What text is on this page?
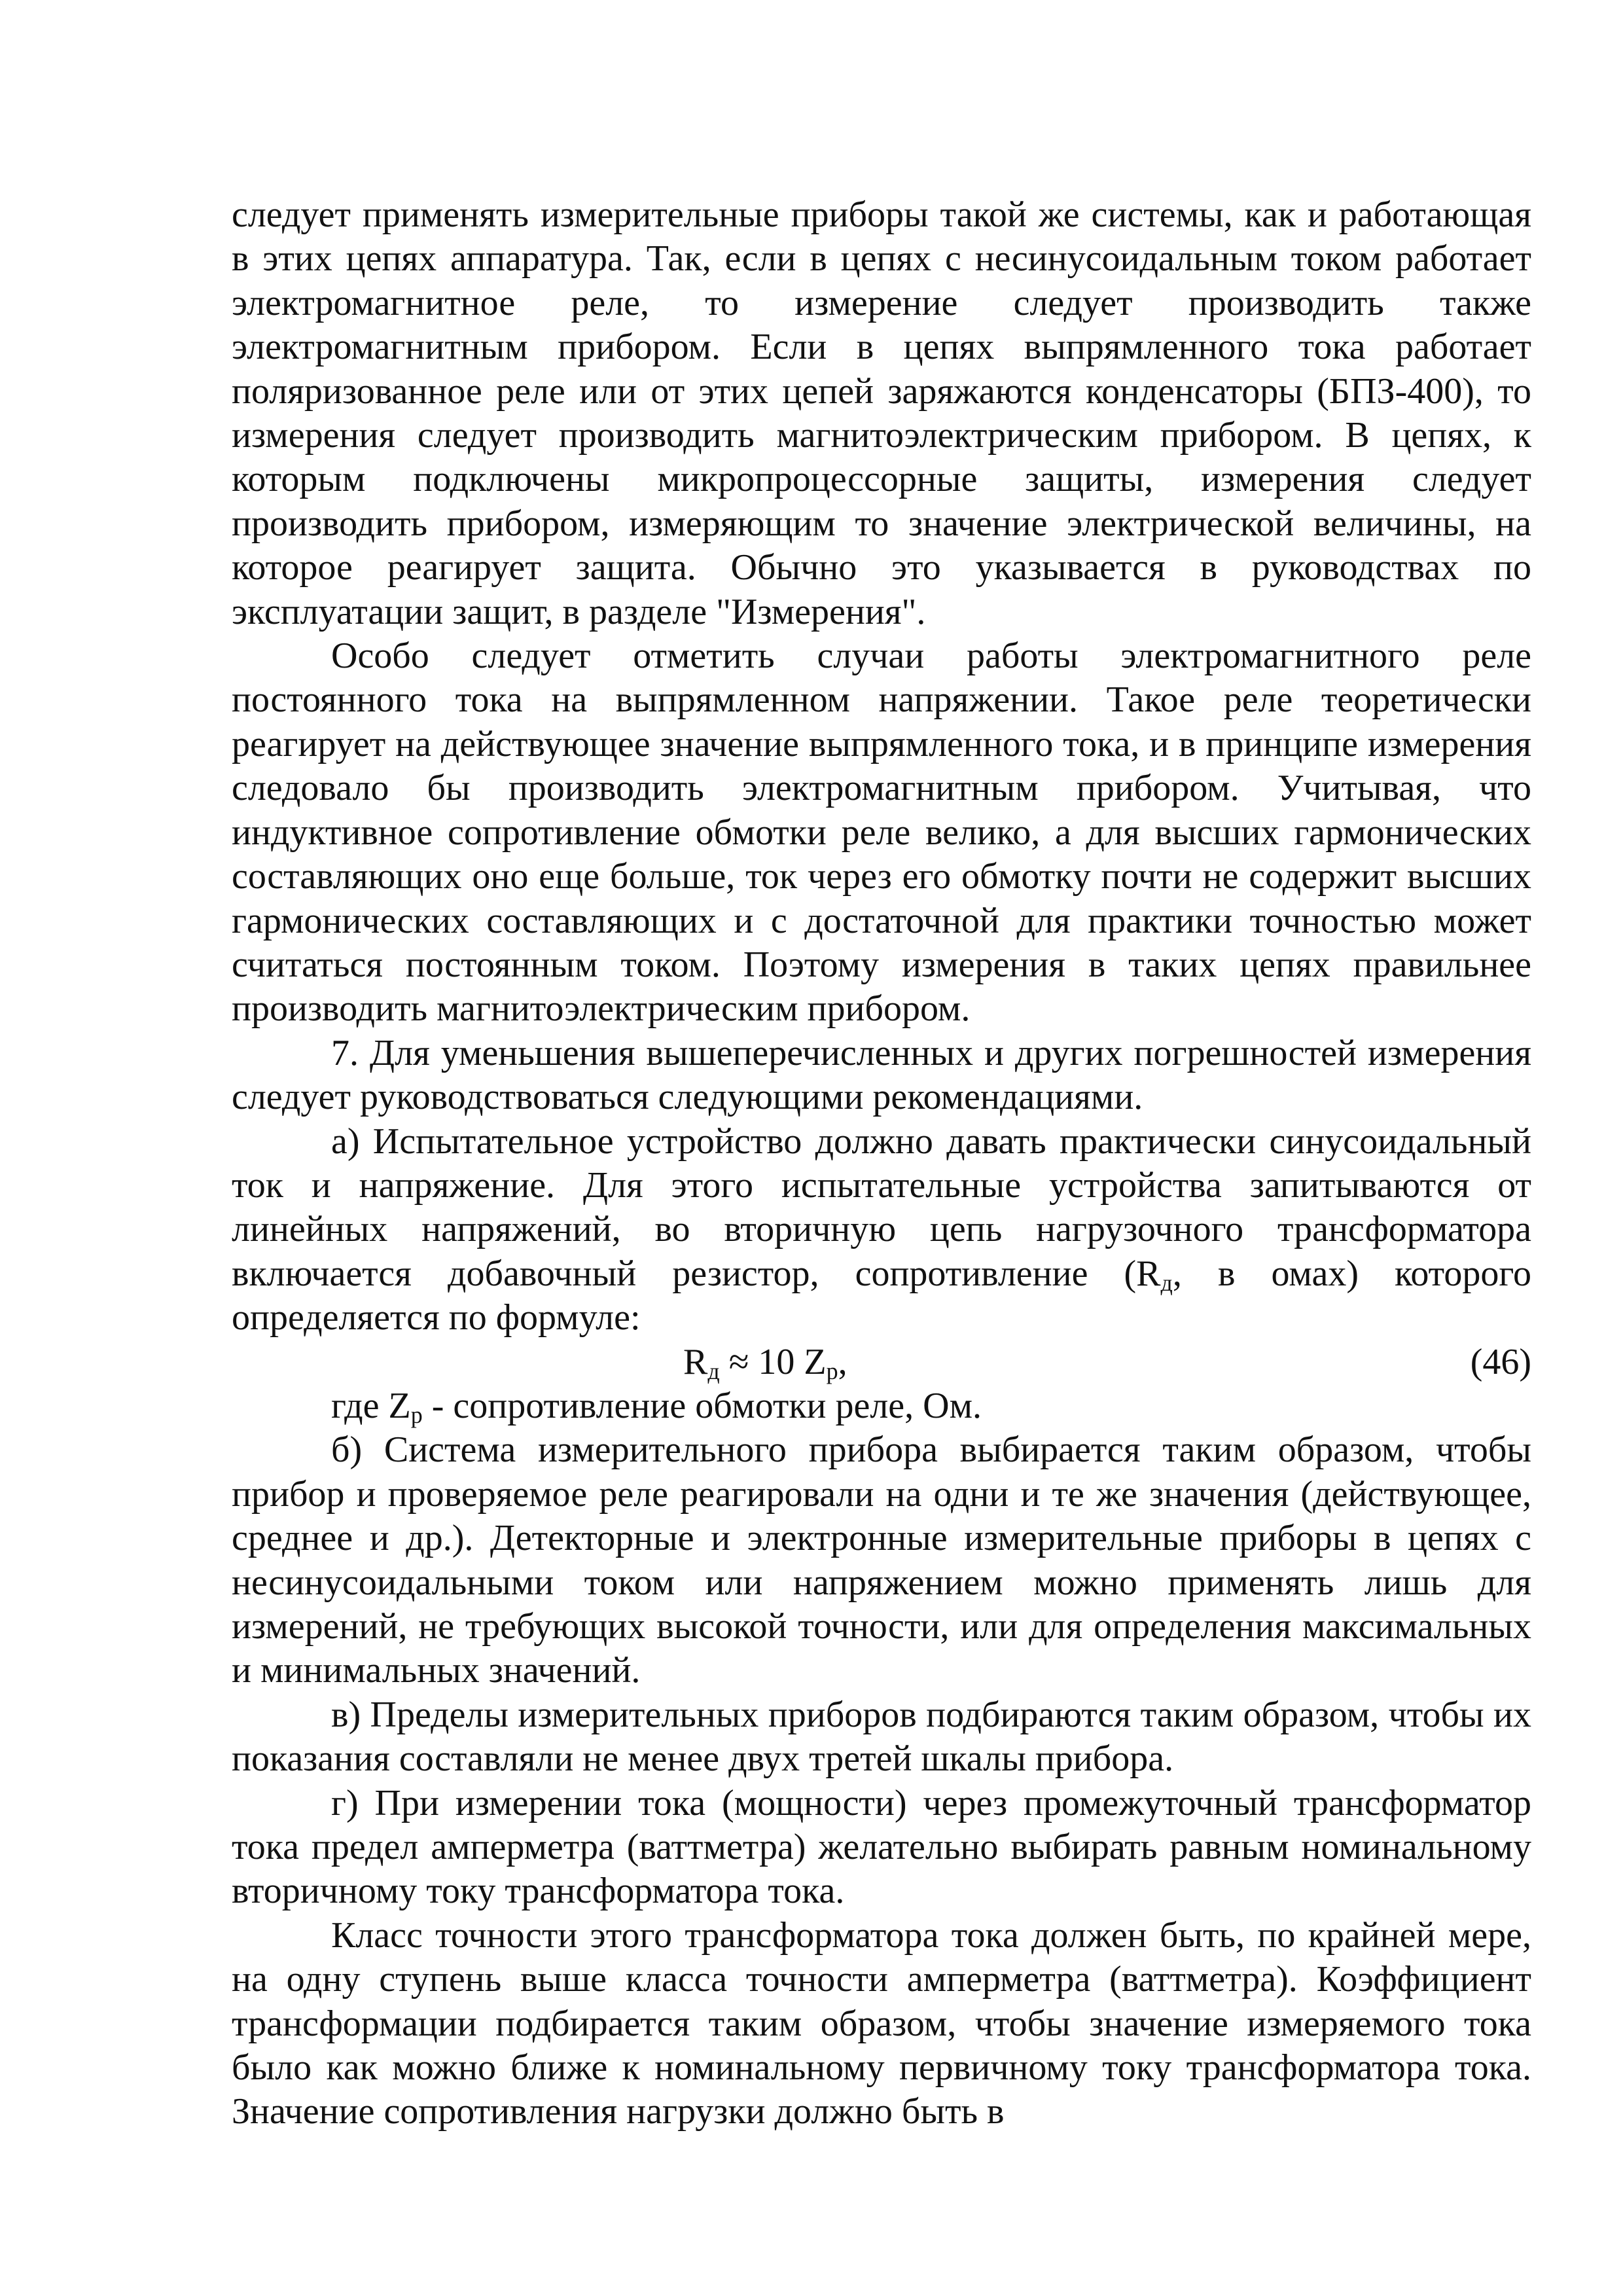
следует применять измерительные приборы такой же системы, как и работающая в этих цепях аппаратура. Так, если в цепях с несинусоидальным током работает электромагнитное реле, то измерение следует производить также электромагнитным прибором. Если в цепях выпрямленного тока работает поляризованное реле или от этих цепей заряжаются конденсаторы (БПЗ-400), то измерения следует производить магнитоэлектрическим прибором. В цепях, к которым подключены микропроцессорные защиты, измерения следует производить прибором, измеряющим то значение электрической величины, на которое реагирует защита. Обычно это указывается в руководствах по эксплуатации защит, в разделе "Измерения".

Особо следует отметить случаи работы электромагнитного реле постоянного тока на выпрямленном напряжении. Такое реле теоретически реагирует на действующее значение выпрямленного тока, и в принципе измерения следовало бы производить электромагнитным прибором. Учитывая, что индуктивное сопротивление обмотки реле велико, а для высших гармонических составляющих оно еще больше, ток через его обмотку почти не содержит высших гармонических составляющих и с достаточной для практики точностью может считаться постоянным током. Поэтому измерения в таких цепях правильнее производить магнитоэлектрическим прибором.

7. Для уменьшения вышеперечисленных и других погрешностей измерения следует руководствоваться следующими рекомендациями.

а) Испытательное устройство должно давать практически синусоидальный ток и напряжение. Для этого испытательные устройства запитываются от линейных напряжений, во вторичную цепь нагрузочного трансформатора включается добавочный резистор, сопротивление ($R_д$, в омах) которого определяется по формуле:

$R_д \approx 10$ $Z_р$,	(46)

где $Z_р$ - сопротивление обмотки реле, Ом.

б) Система измерительного прибора выбирается таким образом, чтобы прибор и проверяемое реле реагировали на одни и те же значения (действующее, среднее и др.). Детекторные и электронные измерительные приборы в цепях с несинусоидальными током или напряжением можно применять лишь для измерений, не требующих высокой точности, или для определения максимальных и минимальных значений.

в) Пределы измерительных приборов подбираются таким образом, чтобы их показания составляли не менее двух третей шкалы прибора.

г) При измерении тока (мощности) через промежуточный трансформатор тока предел амперметра (ваттметра) желательно выбирать равным номинальному вторичному току трансформатора тока.

Класс точности этого трансформатора тока должен быть, по крайней мере, на одну ступень выше класса точности амперметра (ваттметра). Коэффициент трансформации подбирается таким образом, чтобы значение измеряемого тока было как можно ближе к номинальному первичному току трансформатора тока. Значение сопротивления нагрузки должно быть в
